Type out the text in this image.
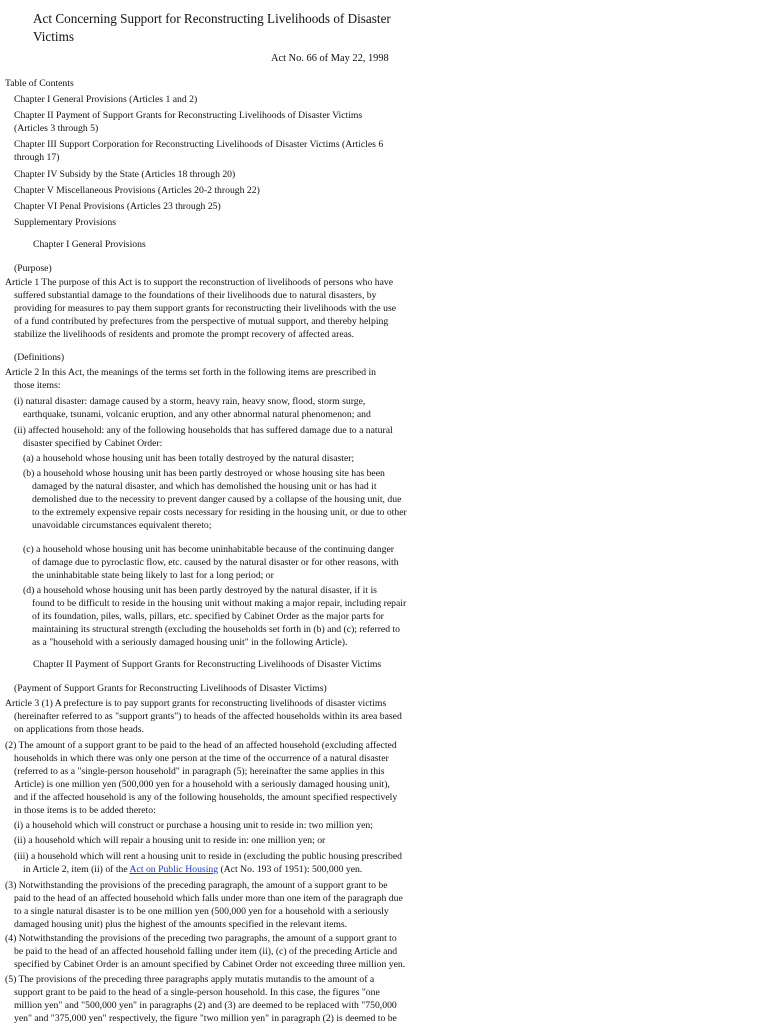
Act Concerning Support for Reconstructing Livelihoods of Disaster
Victims
Act No. 66 of May 22, 1998
Table of Contents
Chapter I General Provisions (Articles 1 and 2)
Chapter II Payment of Support Grants for Reconstructing Livelihoods of Disaster Victims
(Articles 3 through 5)
Chapter III Support Corporation for Reconstructing Livelihoods of Disaster Victims (Articles 6
through 17)
Chapter IV Subsidy by the State (Articles 18 through 20)
Chapter V Miscellaneous Provisions (Articles 20-2 through 22)
Chapter VI Penal Provisions (Articles 23 through 25)
Supplementary Provisions
Chapter I General Provisions
(Purpose)
Article 1 The purpose of this Act is to support the reconstruction of livelihoods of persons who have
suffered substantial damage to the foundations of their livelihoods due to natural disasters, by
providing for measures to pay them support grants for reconstructing their livelihoods with the use
of a fund contributed by prefectures from the perspective of mutual support, and thereby helping
stabilize the livelihoods of residents and promote the prompt recovery of affected areas.
(Definitions)
Article 2 In this Act, the meanings of the terms set forth in the following items are prescribed in
those items:
(i) natural disaster: damage caused by a storm, heavy rain, heavy snow, flood, storm surge,
earthquake, tsunami, volcanic eruption, and any other abnormal natural phenomenon; and
(ii) affected household: any of the following households that has suffered damage due to a natural
disaster specified by Cabinet Order:
(a) a household whose housing unit has been totally destroyed by the natural disaster;
(b) a household whose housing unit has been partly destroyed or whose housing site has been
damaged by the natural disaster, and which has demolished the housing unit or has had it
demolished due to the necessity to prevent danger caused by a collapse of the housing unit, due
to the extremely expensive repair costs necessary for residing in the housing unit, or due to other
unavoidable circumstances equivalent thereto;
(c) a household whose housing unit has become uninhabitable because of the continuing danger
of damage due to pyroclastic flow, etc. caused by the natural disaster or for other reasons, with
the uninhabitable state being likely to last for a long period; or
(d) a household whose housing unit has been partly destroyed by the natural disaster, if it is
found to be difficult to reside in the housing unit without making a major repair, including repair
of its foundation, piles, walls, pillars, etc. specified by Cabinet Order as the major parts for
maintaining its structural strength (excluding the households set forth in (b) and (c); referred to
as a "household with a seriously damaged housing unit" in the following Article).
Chapter II Payment of Support Grants for Reconstructing Livelihoods of Disaster Victims
(Payment of Support Grants for Reconstructing Livelihoods of Disaster Victims)
Article 3 (1) A prefecture is to pay support grants for reconstructing livelihoods of disaster victims
(hereinafter referred to as "support grants") to heads of the affected households within its area based
on applications from those heads.
(2) The amount of a support grant to be paid to the head of an affected household (excluding affected
households in which there was only one person at the time of the occurrence of a natural disaster
(referred to as a "single-person household" in paragraph (5); hereinafter the same applies in this
Article) is one million yen (500,000 yen for a household with a seriously damaged housing unit),
and if the affected household is any of the following households, the amount specified respectively
in those items is to be added thereto:
(i) a household which will construct or purchase a housing unit to reside in: two million yen;
(ii) a household which will repair a housing unit to reside in: one million yen; or
(iii) a household which will rent a housing unit to reside in (excluding the public housing prescribed
in Article 2, item (ii) of the Act on Public Housing (Act No. 193 of 1951): 500,000 yen.
(3) Notwithstanding the provisions of the preceding paragraph, the amount of a support grant to be
paid to the head of an affected household which falls under more than one item of the paragraph due
to a single natural disaster is to be one million yen (500,000 yen for a household with a seriously
damaged housing unit) plus the highest of the amounts specified in the relevant items.
(4) Notwithstanding the provisions of the preceding two paragraphs, the amount of a support grant to
be paid to the head of an affected household falling under item (ii), (c) of the preceding Article and
specified by Cabinet Order is an amount specified by Cabinet Order not exceeding three million yen.
(5) The provisions of the preceding three paragraphs apply mutatis mutandis to the amount of a
support grant to be paid to the head of a single-person household. In this case, the figures "one
million yen" and "500,000 yen" in paragraphs (2) and (3) are deemed to be replaced with "750,000
yen" and "375,000 yen" respectively, the figure "two million yen" in paragraph (2) is deemed to be
